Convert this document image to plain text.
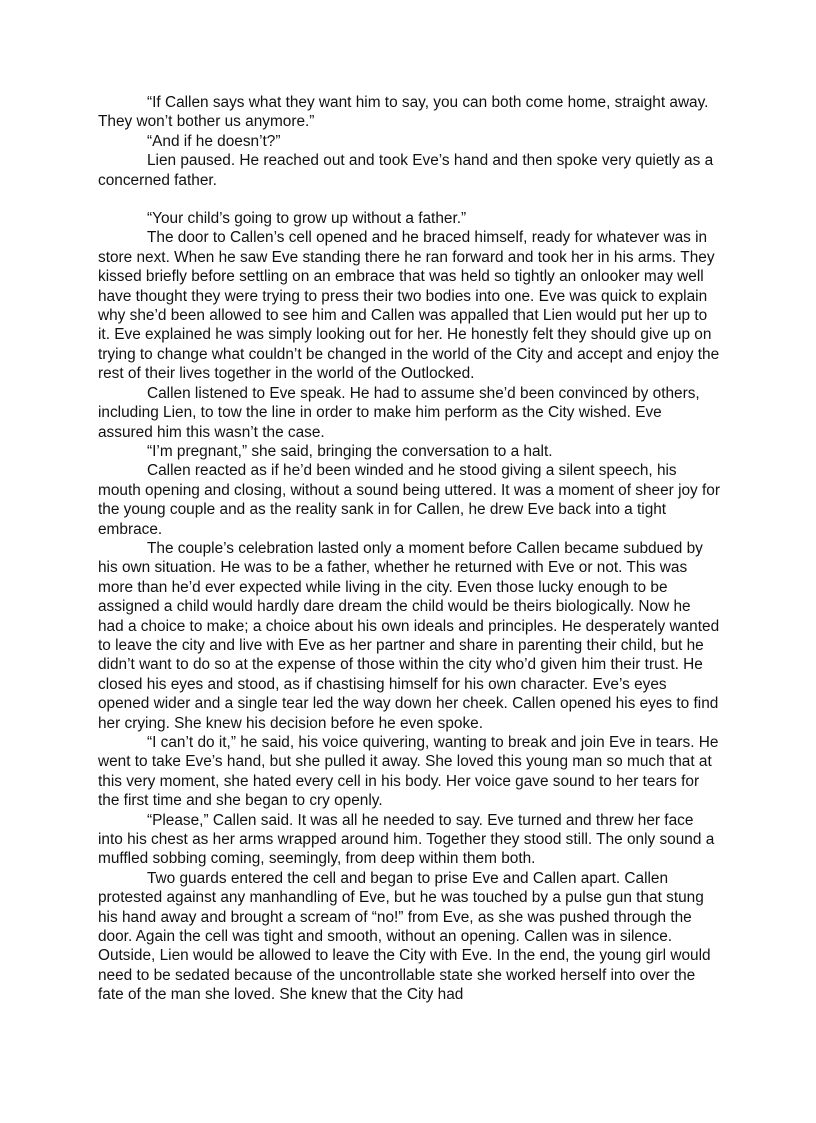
“If Callen says what they want him to say, you can both come home, straight away. They won’t bother us anymore.”

“And if he doesn’t?”

Lien paused. He reached out and took Eve’s hand and then spoke very quietly as a concerned father.

“Your child’s going to grow up without a father.”

The door to Callen’s cell opened and he braced himself, ready for whatever was in store next. When he saw Eve standing there he ran forward and took her in his arms. They kissed briefly before settling on an embrace that was held so tightly an onlooker may well have thought they were trying to press their two bodies into one. Eve was quick to explain why she’d been allowed to see him and Callen was appalled that Lien would put her up to it. Eve explained he was simply looking out for her. He honestly felt they should give up on trying to change what couldn’t be changed in the world of the City and accept and enjoy the rest of their lives together in the world of the Outlocked.

Callen listened to Eve speak. He had to assume she’d been convinced by others, including Lien, to tow the line in order to make him perform as the City wished. Eve assured him this wasn’t the case.

“I’m pregnant,” she said, bringing the conversation to a halt.

Callen reacted as if he’d been winded and he stood giving a silent speech, his mouth opening and closing, without a sound being uttered. It was a moment of sheer joy for the young couple and as the reality sank in for Callen, he drew Eve back into a tight embrace.

The couple’s celebration lasted only a moment before Callen became subdued by his own situation. He was to be a father, whether he returned with Eve or not. This was more than he’d ever expected while living in the city. Even those lucky enough to be assigned a child would hardly dare dream the child would be theirs biologically. Now he had a choice to make; a choice about his own ideals and principles. He desperately wanted to leave the city and live with Eve as her partner and share in parenting their child, but he didn’t want to do so at the expense of those within the city who’d given him their trust. He closed his eyes and stood, as if chastising himself for his own character. Eve’s eyes opened wider and a single tear led the way down her cheek. Callen opened his eyes to find her crying. She knew his decision before he even spoke.

“I can’t do it,” he said, his voice quivering, wanting to break and join Eve in tears. He went to take Eve’s hand, but she pulled it away. She loved this young man so much that at this very moment, she hated every cell in his body. Her voice gave sound to her tears for the first time and she began to cry openly.

“Please,” Callen said. It was all he needed to say. Eve turned and threw her face into his chest as her arms wrapped around him. Together they stood still. The only sound a muffled sobbing coming, seemingly, from deep within them both.

Two guards entered the cell and began to prise Eve and Callen apart. Callen protested against any manhandling of Eve, but he was touched by a pulse gun that stung his hand away and brought a scream of “no!” from Eve, as she was pushed through the door. Again the cell was tight and smooth, without an opening. Callen was in silence. Outside, Lien would be allowed to leave the City with Eve. In the end, the young girl would need to be sedated because of the uncontrollable state she worked herself into over the fate of the man she loved. She knew that the City had
